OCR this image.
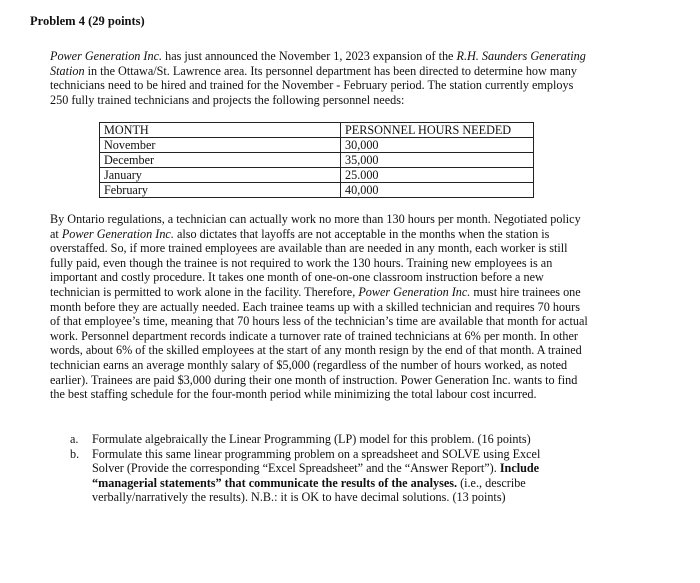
Problem 4 (29 points)

Power Generation Inc. has just announced the November 1, 2023 expansion of the R.H. Saunders Generating Station in the Ottawa/St. Lawrence area. Its personnel department has been directed to determine how many technicians need to be hired and trained for the November - February period. The station currently employs 250 fully trained technicians and projects the following personnel needs:

MONTH	PERSONNEL HOURS NEEDED
November	30,000
December	35,000
January	25.000
February	40,000

By Ontario regulations, a technician can actually work no more than 130 hours per month. Negotiated policy at Power Generation Inc. also dictates that layoffs are not acceptable in the months when the station is overstaffed. So, if more trained employees are available than are needed in any month, each worker is still fully paid, even though the trainee is not required to work the 130 hours. Training new employees is an important and costly procedure. It takes one month of one-on-one classroom instruction before a new technician is permitted to work alone in the facility. Therefore, Power Generation Inc. must hire trainees one month before they are actually needed. Each trainee teams up with a skilled technician and requires 70 hours of that employee’s time, meaning that 70 hours less of the technician’s time are available that month for actual work. Personnel department records indicate a turnover rate of trained technicians at 6% per month. In other words, about 6% of the skilled employees at the start of any month resign by the end of that month. A trained technician earns an average monthly salary of $5,000 (regardless of the number of hours worked, as noted earlier). Trainees are paid $3,000 during their one month of instruction. Power Generation Inc. wants to find the best staffing schedule for the four-month period while minimizing the total labour cost incurred.

a. Formulate algebraically the Linear Programming (LP) model for this problem. (16 points)
b. Formulate this same linear programming problem on a spreadsheet and SOLVE using Excel Solver (Provide the corresponding “Excel Spreadsheet” and the “Answer Report”). Include “managerial statements” that communicate the results of the analyses. (i.e., describe verbally/narratively the results). N.B.: it is OK to have decimal solutions. (13 points)
